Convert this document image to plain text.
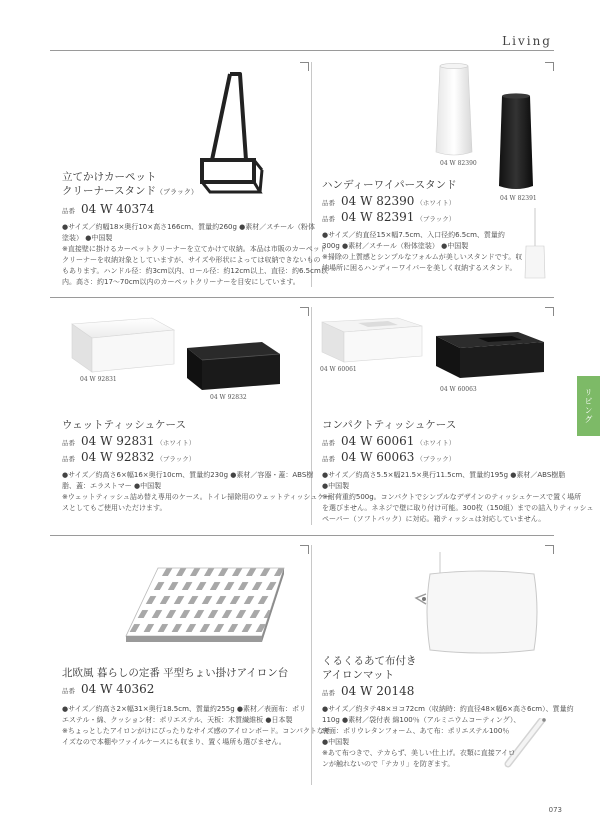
Living
リビング
立てかけカーペット
クリーナースタンド（ブラック）
品番 04 W 40374
●サイズ／約幅18×奥行10×高さ166cm、質量約260g ●素材／スチール（粉体
塗装） ●中国製
※直接壁に掛けるカーペットクリーナーを立てかけて収納。本品は市販のカーペット
クリーナーを収納対象としていますが、サイズや形状によっては収納できないもの
もあります。ハンドル径：約3cm以内、ロール径：約12cm以上、直径：約6.5cm以
内。高さ：約17〜70cm以内のカーペットクリーナーを目安にしています。
04 W 82390
04 W 82391
ハンディーワイパースタンド
品番 04 W 82390 （ホワイト）
品番 04 W 82391 （ブラック）
●サイズ／約直径15×幅7.5cm、入口径約6.5cm、質量約
300g ●素材／スチール（粉体塗装） ●中国製
※掃除の上質感とシンプルなフォルムが美しいスタンドです。収
納場所に困るハンディーワイパーを美しく収納するスタンド。
04 W 92831
04 W 92832
ウェットティッシュケース
品番 04 W 92831 （ホワイト）
品番 04 W 92832 （ブラック）
●サイズ／約高さ6×幅16×奥行10cm、質量約230g ●素材／容器・蓋：ABS樹
脂、蓋：エラストマー ●中国製
※ウェットティッシュ詰め替え専用のケース。トイレ掃除用のウェットティッシュケー
スとしてもご使用いただけます。
04 W 60061
04 W 60063
コンパクトティッシュケース
品番 04 W 60061 （ホワイト）
品番 04 W 60063 （ブラック）
●サイズ／約高さ5.5×幅21.5×奥行11.5cm、質量約195g ●素材／ABS樹脂
●中国製
※耐荷重約500g。コンパクトでシンプルなデザインのティッシュケースで置く場所
を選びません。ネネジで壁に取り付け可能。300枚（150組）までの詰入りティッシュ
ペーパー（ソフトパック）に対応。箱ティッシュは対応していません。
北欧風 暮らしの定番 平型ちょい掛けアイロン台
品番 04 W 40362
●サイズ／約高さ2×幅31×奥行18.5cm、質量約255g ●素材／表面布：ポリ
エステル・綿、クッション材：ポリエステル、天板：木質繊維板 ●日本製
※ちょっとしたアイロンがけにぴったりなサイズ感のアイロンボード。コンパクトなサ
イズなので本棚やファイルケースにも収まり、置く場所も選びません。
くるくるあて布付き
アイロンマット
品番 04 W 20148
●サイズ／約タテ48×ヨコ72cm（収納時：約直径48×幅6×高さ6cm）、質量約
110g ●素材／袋付表 綿100％（アルミニウムコーティング）、
裏面：ポリウレタンフォーム、あて布：ポリエステル100％
●中国製
※あて布つきで、テカらず、美しい仕上げ。衣類に直接アイロ
ンが触れないので「テカリ」を防ぎます。
073
